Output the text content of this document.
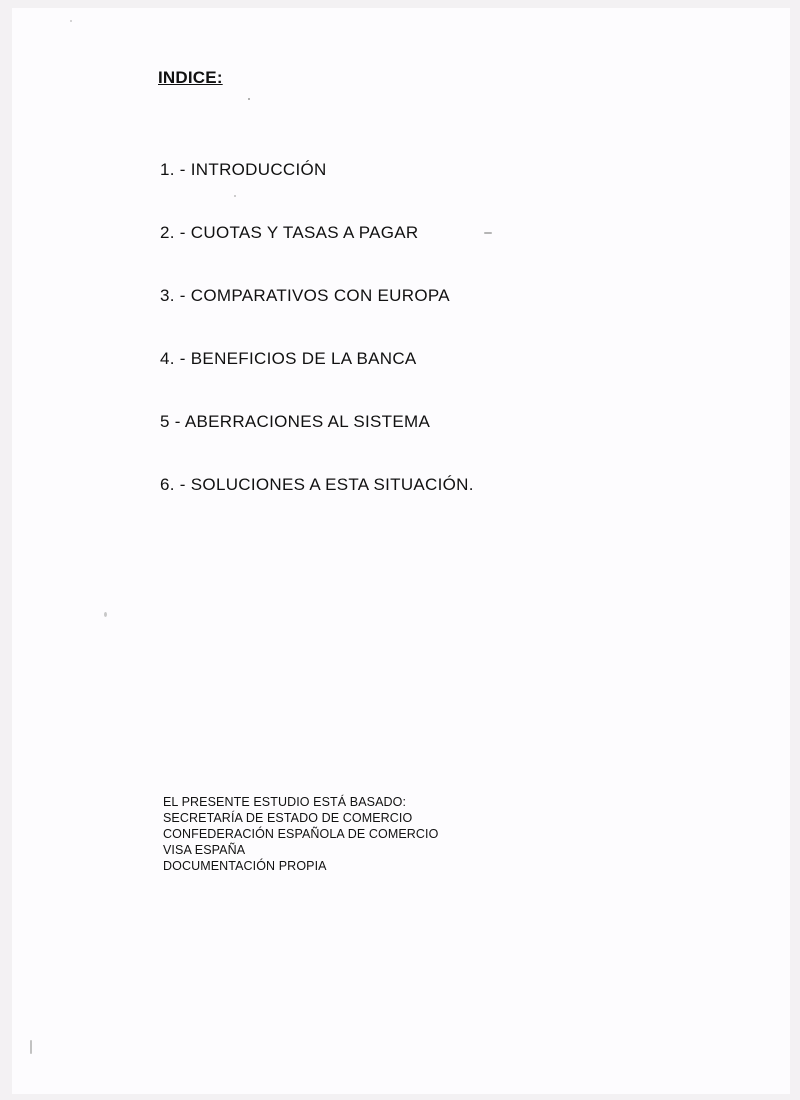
INDICE:
1. - INTRODUCCIÓN
2. - CUOTAS Y TASAS A PAGAR
3. - COMPARATIVOS CON EUROPA
4. - BENEFICIOS DE LA BANCA
5 - ABERRACIONES AL SISTEMA
6. - SOLUCIONES A ESTA SITUACIÓN.
EL PRESENTE ESTUDIO ESTÁ BASADO:
SECRETARÍA DE ESTADO DE COMERCIO
CONFEDERACIÓN ESPAÑOLA DE COMERCIO
VISA ESPAÑA
DOCUMENTACIÓN PROPIA
